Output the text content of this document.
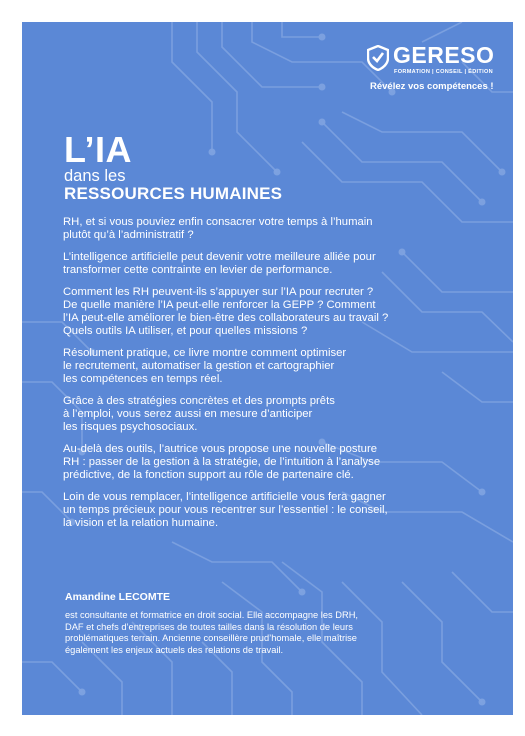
GERESO
FORMATION | CONSEIL | ÉDITION
Révélez vos compétences !
L’IA
dans les
RESSOURCES HUMAINES

RH, et si vous pouviez enfin consacrer votre temps à l’humain
plutôt qu’à l’administratif ?

L’intelligence artificielle peut devenir votre meilleure alliée pour
transformer cette contrainte en levier de performance.

Comment les RH peuvent-ils s’appuyer sur l’IA pour recruter ?
De quelle manière l’IA peut-elle renforcer la GEPP ? Comment
l’IA peut-elle améliorer le bien-être des collaborateurs au travail ?
Quels outils IA utiliser, et pour quelles missions ?

Résolument pratique, ce livre montre comment optimiser
le recrutement, automatiser la gestion et cartographier
les compétences en temps réel.

Grâce à des stratégies concrètes et des prompts prêts
à l’emploi, vous serez aussi en mesure d’anticiper
les risques psychosociaux.

Au-delà des outils, l’autrice vous propose une nouvelle posture
RH : passer de la gestion à la stratégie, de l’intuition à l’analyse
prédictive, de la fonction support au rôle de partenaire clé.

Loin de vous remplacer, l’intelligence artificielle vous fera gagner
un temps précieux pour vous recentrer sur l’essentiel : le conseil,
la vision et la relation humaine.

Amandine LECOMTE

est consultante et formatrice en droit social. Elle accompagne les DRH,
DAF et chefs d’entreprises de toutes tailles dans la résolution de leurs
problématiques terrain. Ancienne conseillère prud’homale, elle maîtrise
également les enjeux actuels des relations de travail.
